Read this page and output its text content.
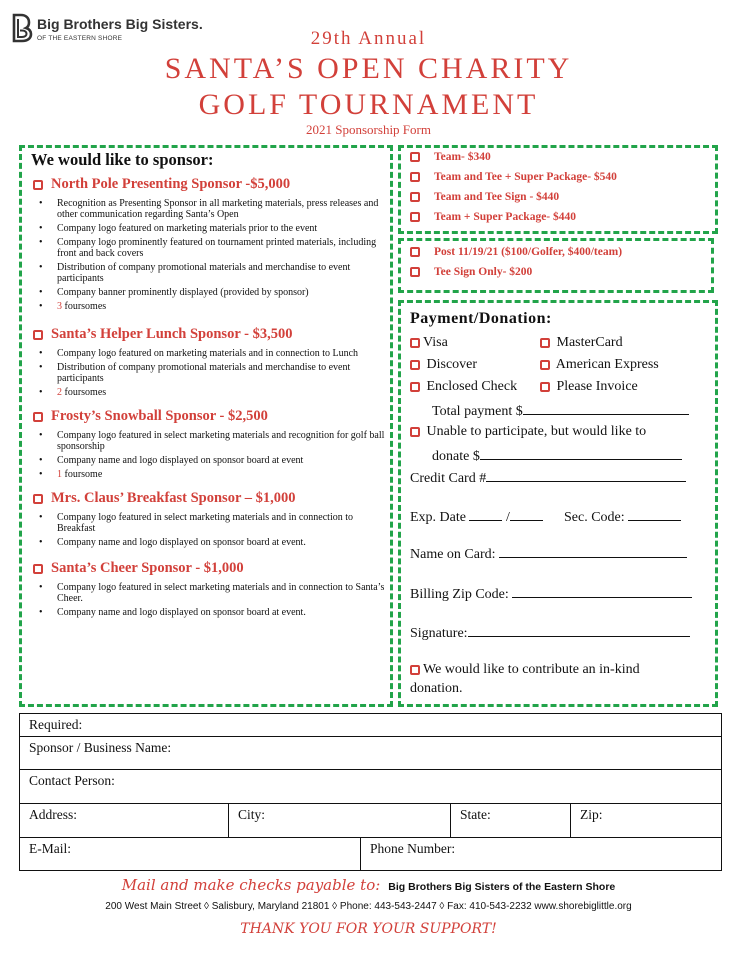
Big Brothers Big Sisters.
OF THE EASTERN SHORE	29th Annual
SANTA’S OPEN CHARITY
GOLF TOURNAMENT
2021 Sponsorship Form
We would like to sponsor:
North Pole Presenting Sponsor -$5,000
• Recognition as Presenting Sponsor in all marketing materials, press releases and other communication regarding Santa’s Open
• Company logo featured on marketing materials prior to the event
• Company logo prominently featured on tournament printed materials, including front and back covers
• Distribution of company promotional materials and merchandise to event participants
• Company banner prominently displayed (provided by sponsor)
• 3 foursomes
Santa’s Helper Lunch Sponsor - $3,500
• Company logo featured on marketing materials and in connection to Lunch
• Distribution of company promotional materials and merchandise to event participants
• 2 foursomes
Frosty’s Snowball Sponsor - $2,500
• Company logo featured in select marketing materials and recognition for golf ball sponsorship
• Company name and logo displayed on sponsor board at event
• 1 foursome
Mrs. Claus’ Breakfast Sponsor – $1,000
• Company logo featured in select marketing materials and in connection to Breakfast
• Company name and logo displayed on sponsor board at event.
Santa’s Cheer Sponsor - $1,000
• Company logo featured in select marketing materials and in connection to Santa’s Cheer.
• Company name and logo displayed on sponsor board at event.
Team- $340
Team and Tee + Super Package- $540
Team and Tee Sign - $440
Team + Super Package- $440
Post 11/19/21 ($100/Golfer, $400/team)
Tee Sign Only- $200
Payment/Donation:
Visa	MasterCard
Discover	American Express
Enclosed Check	Please Invoice
Total payment $
Unable to participate, but would like to
donate $
Credit Card #
Exp. Date	/	Sec. Code:
Name on Card:
Billing Zip Code:
Signature:
We would like to contribute an in-kind
donation.
Required:
Sponsor / Business Name:
Contact Person:
Address:	City:	State:	Zip:
E-Mail:	Phone Number:
Mail and make checks payable to: Big Brothers Big Sisters of the Eastern Shore
200 West Main Street ◊ Salisbury, Maryland 21801 ◊ Phone: 443-543-2447 ◊ Fax: 410-543-2232 www.shorebiglittle.org
THANK YOU FOR YOUR SUPPORT!
